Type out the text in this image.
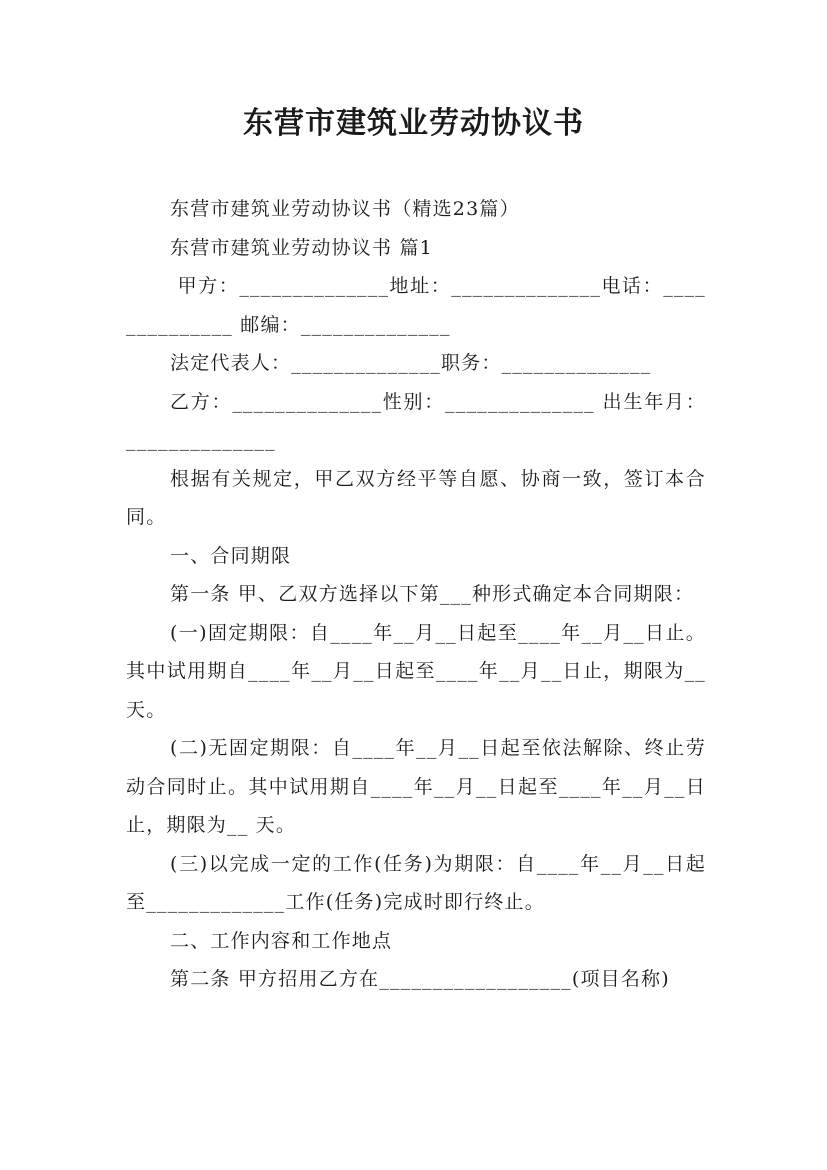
东营市建筑业劳动协议书

东营市建筑业劳动协议书（精选23篇）

东营市建筑业劳动协议书 篇1

甲方：______________地址：______________电话：______________ 邮编：______________

法定代表人：______________职务：______________

乙方：______________性别：______________ 出生年月：______________

根据有关规定，甲乙双方经平等自愿、协商一致，签订本合同。

一、合同期限

第一条 甲、乙双方选择以下第___种形式确定本合同期限：

(一)固定期限：自____年__月__日起至____年__月__日止。其中试用期自____年__月__日起至____年__月__日止，期限为__ 天。

(二)无固定期限：自____年__月__日起至依法解除、终止劳动合同时止。其中试用期自____年__月__日起至____年__月__日止，期限为__ 天。

(三)以完成一定的工作(任务)为期限：自____年__月__日起至_____________工作(任务)完成时即行终止。

二、工作内容和工作地点

第二条 甲方招用乙方在__________________(项目名称)
